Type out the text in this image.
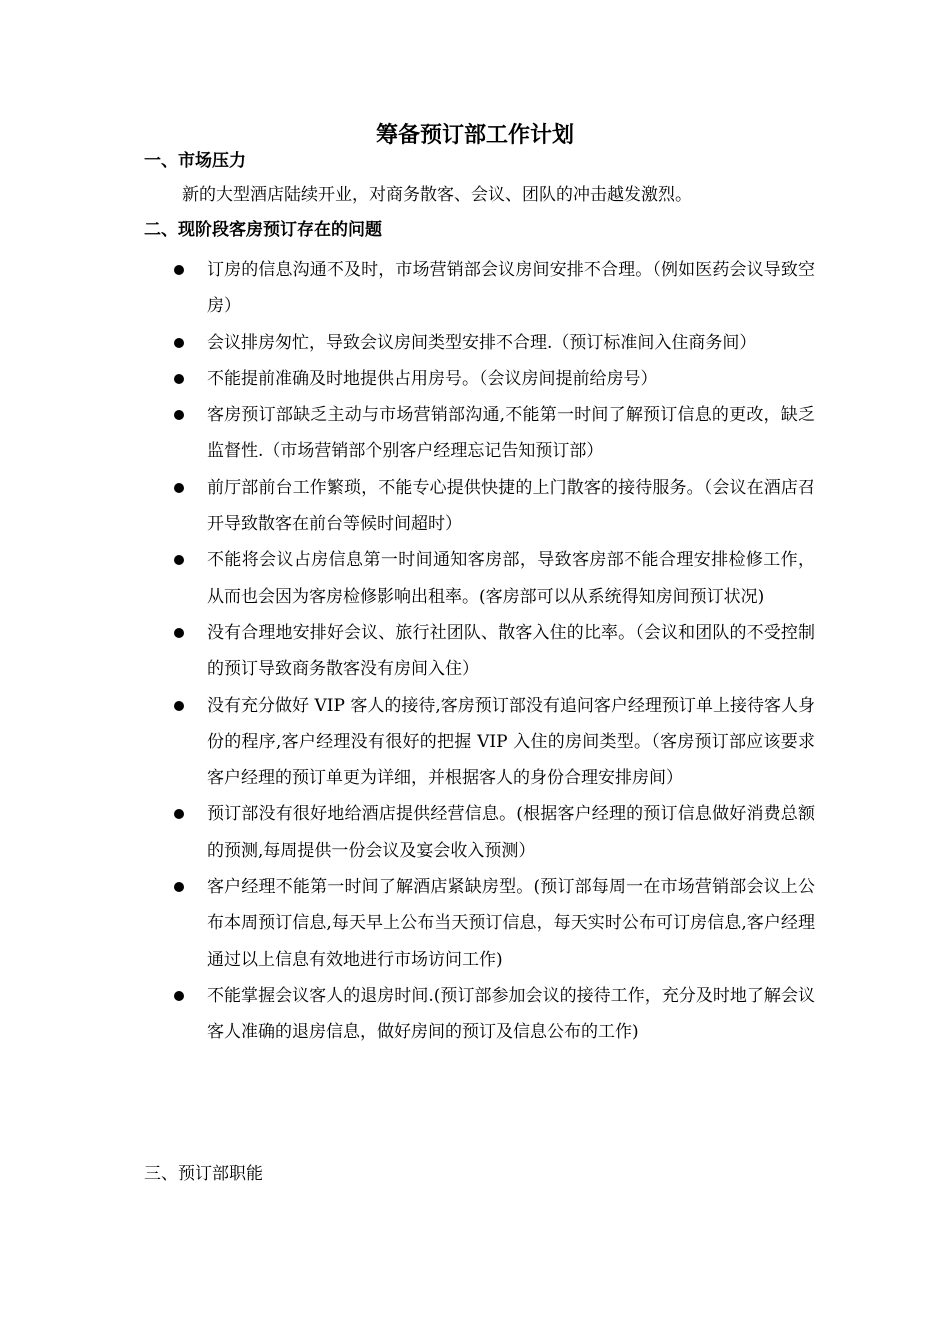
筹备预订部工作计划
一、市场压力
新的大型酒店陆续开业，对商务散客、会议、团队的冲击越发激烈。
二、现阶段客房预订存在的问题
订房的信息沟通不及时，市场营销部会议房间安排不合理。（例如医药会议导致空房）
会议排房匆忙，导致会议房间类型安排不合理.（预订标准间入住商务间）
不能提前准确及时地提供占用房号。（会议房间提前给房号）
客房预订部缺乏主动与市场营销部沟通,不能第一时间了解预订信息的更改，缺乏监督性.（市场营销部个别客户经理忘记告知预订部）
前厅部前台工作繁琐，不能专心提供快捷的上门散客的接待服务。（会议在酒店召开导致散客在前台等候时间超时）
不能将会议占房信息第一时间通知客房部，导致客房部不能合理安排检修工作，从而也会因为客房检修影响出租率。(客房部可以从系统得知房间预订状况)
没有合理地安排好会议、旅行社团队、散客入住的比率。（会议和团队的不受控制的预订导致商务散客没有房间入住）
没有充分做好 VIP 客人的接待,客房预订部没有追问客户经理预订单上接待客人身份的程序,客户经理没有很好的把握 VIP 入住的房间类型。（客房预订部应该要求客户经理的预订单更为详细，并根据客人的身份合理安排房间）
预订部没有很好地给酒店提供经营信息。(根据客户经理的预订信息做好消费总额的预测,每周提供一份会议及宴会收入预测）
客户经理不能第一时间了解酒店紧缺房型。(预订部每周一在市场营销部会议上公布本周预订信息,每天早上公布当天预订信息，每天实时公布可订房信息,客户经理通过以上信息有效地进行市场访问工作)
不能掌握会议客人的退房时间.(预订部参加会议的接待工作，充分及时地了解会议客人准确的退房信息，做好房间的预订及信息公布的工作)
三、预订部职能
